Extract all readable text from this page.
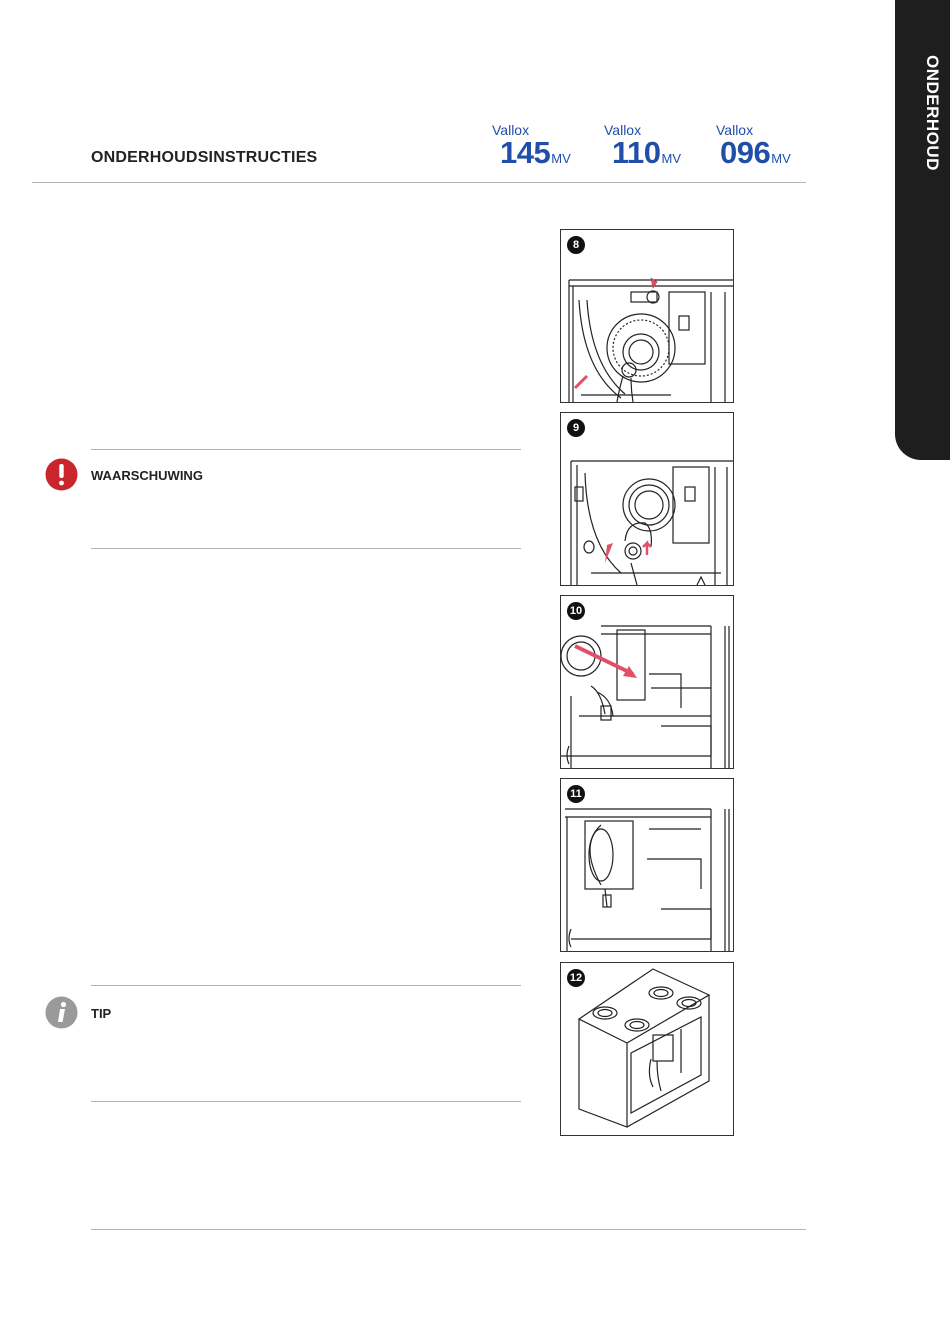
ONDERHOUDSINSTRUCTIES
Vallox
145MV
Vallox
110MV
Vallox
096MV	ONDERHOUD
WAARSCHUWING
TIP
8
9
10
11
12
